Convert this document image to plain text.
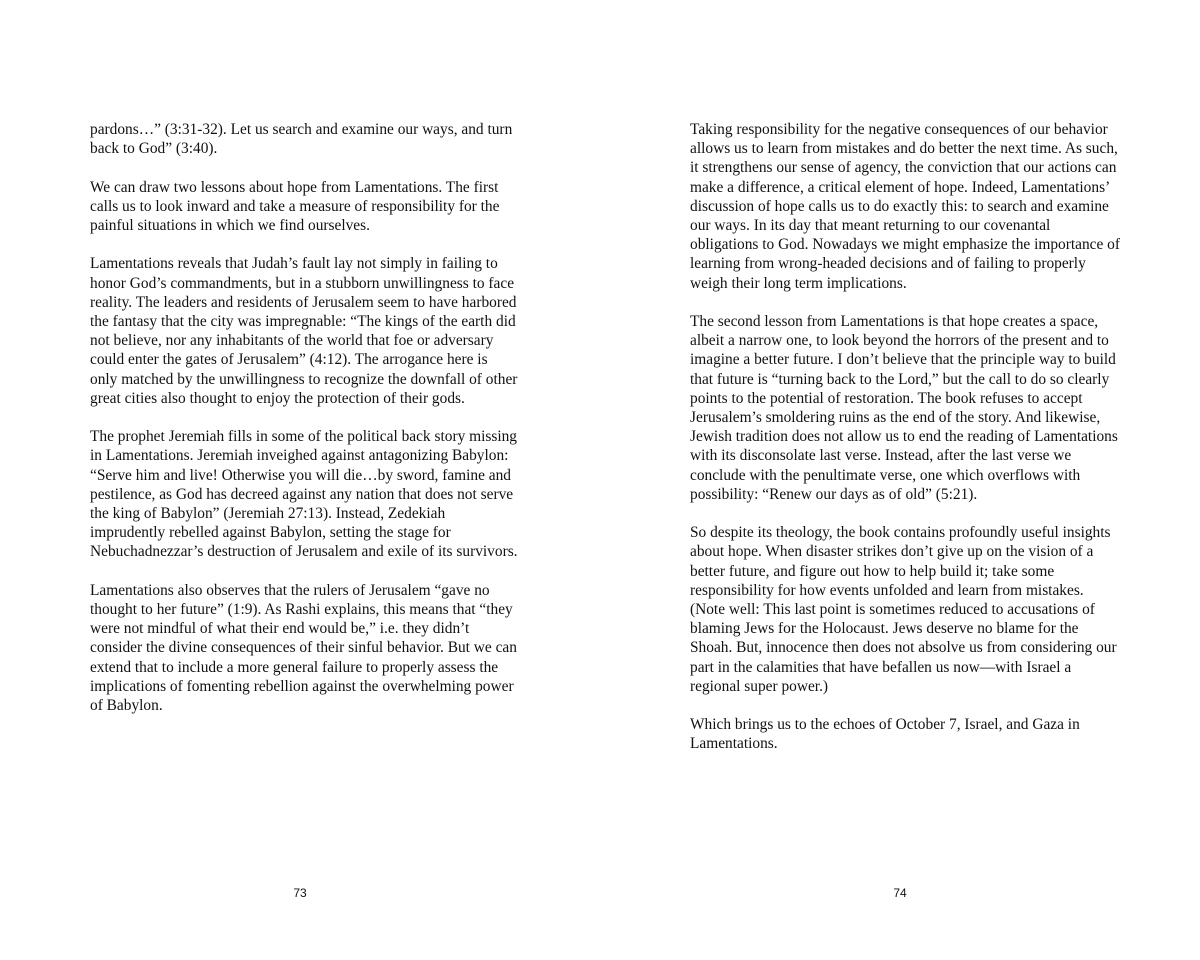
pardons…” (3:31-32). Let us search and examine our ways, and turn back to God” (3:40).

We can draw two lessons about hope from Lamentations. The first calls us to look inward and take a measure of responsibility for the painful situations in which we find ourselves.

Lamentations reveals that Judah’s fault lay not simply in failing to honor God’s commandments, but in a stubborn unwillingness to face reality. The leaders and residents of Jerusalem seem to have harbored the fantasy that the city was impregnable: “The kings of the earth did not believe, nor any inhabitants of the world that foe or adversary could enter the gates of Jerusalem” (4:12). The arrogance here is only matched by the unwillingness to recognize the downfall of other great cities also thought to enjoy the protection of their gods.

The prophet Jeremiah fills in some of the political back story missing in Lamentations. Jeremiah inveighed against antagonizing Babylon: “Serve him and live! Otherwise you will die…by sword, famine and pestilence, as God has decreed against any nation that does not serve the king of Babylon” (Jeremiah 27:13). Instead, Zedekiah imprudently rebelled against Babylon, setting the stage for Nebuchadnezzar’s destruction of Jerusalem and exile of its survivors.

Lamentations also observes that the rulers of Jerusalem “gave no thought to her future” (1:9). As Rashi explains, this means that “they were not mindful of what their end would be,” i.e. they didn’t consider the divine consequences of their sinful behavior. But we can extend that to include a more general failure to properly assess the implications of fomenting rebellion against the overwhelming power of Babylon.

73

Taking responsibility for the negative consequences of our behavior allows us to learn from mistakes and do better the next time. As such, it strengthens our sense of agency, the conviction that our actions can make a difference, a critical element of hope. Indeed, Lamentations’ discussion of hope calls us to do exactly this: to search and examine our ways. In its day that meant returning to our covenantal obligations to God. Nowadays we might emphasize the importance of learning from wrong-headed decisions and of failing to properly weigh their long term implications.

The second lesson from Lamentations is that hope creates a space, albeit a narrow one, to look beyond the horrors of the present and to imagine a better future. I don’t believe that the principle way to build that future is “turning back to the Lord,” but the call to do so clearly points to the potential of restoration. The book refuses to accept Jerusalem’s smoldering ruins as the end of the story. And likewise, Jewish tradition does not allow us to end the reading of Lamentations with its disconsolate last verse. Instead, after the last verse we conclude with the penultimate verse, one which overflows with possibility: “Renew our days as of old” (5:21).

So despite its theology, the book contains profoundly useful insights about hope. When disaster strikes don’t give up on the vision of a better future, and figure out how to help build it; take some responsibility for how events unfolded and learn from mistakes. (Note well: This last point is sometimes reduced to accusations of blaming Jews for the Holocaust. Jews deserve no blame for the Shoah. But, innocence then does not absolve us from considering our part in the calamities that have befallen us now—with Israel a regional super power.)

Which brings us to the echoes of October 7, Israel, and Gaza in Lamentations.

74
